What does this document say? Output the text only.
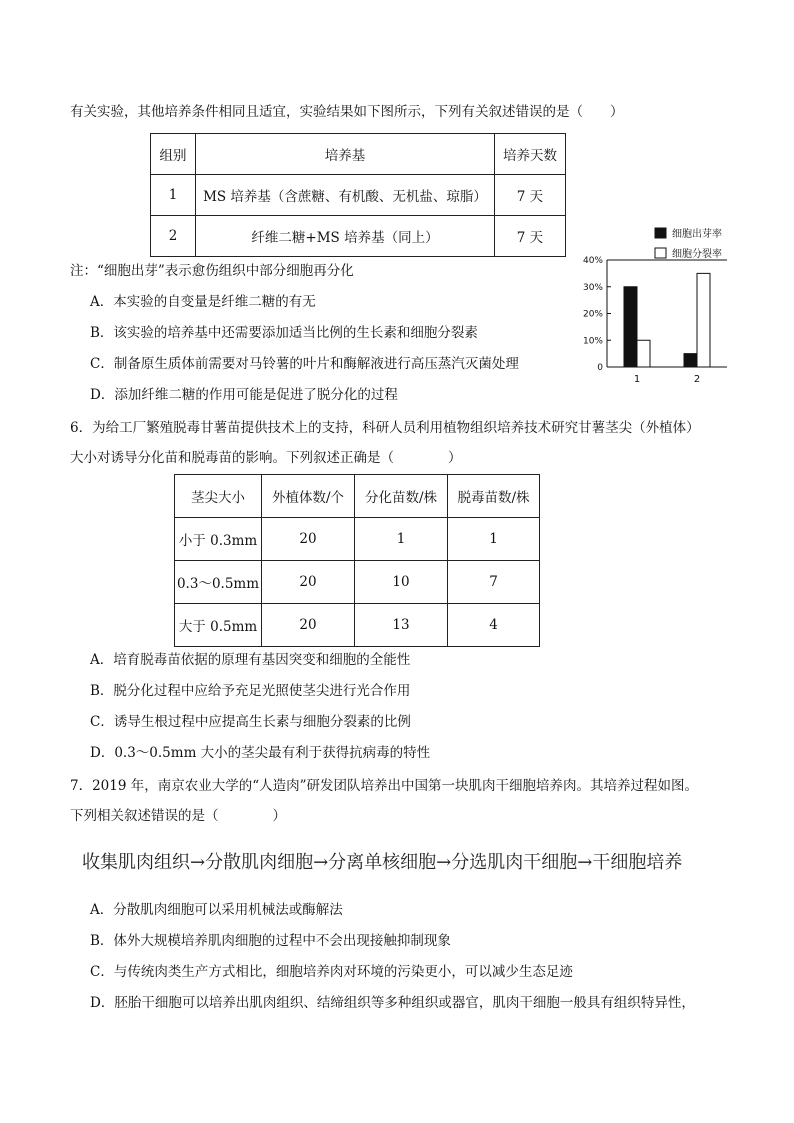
有关实验，其他培养条件相同且适宜，实验结果如下图所示，下列有关叙述错误的是（　　）
组别	培养基	培养天数
1	MS 培养基（含蔗糖、有机酸、无机盐、琼脂）	7 天
2	纤维二糖+MS 培养基（同上）	7 天
注：“细胞出芽”表示愈伤组织中部分细胞再分化
A．本实验的自变量是纤维二糖的有无
B．该实验的培养基中还需要添加适当比例的生长素和细胞分裂素
C．制备原生质体前需要对马铃薯的叶片和酶解液进行高压蒸汽灭菌处理
D．添加纤维二糖的作用可能是促进了脱分化的过程
细胞出芽率
细胞分裂率
0
10%
20%
30%
40%
1	2
6．为给工厂繁殖脱毒甘薯苗提供技术上的支持，科研人员利用植物组织培养技术研究甘薯茎尖（外植体）
大小对诱导分化苗和脱毒苗的影响。下列叙述正确是（　　　　）
茎尖大小	外植体数/个	分化苗数/株	脱毒苗数/株
小于 0.3mm	20	1	1
0.3～0.5mm	20	10	7
大于 0.5mm	20	13	4
A．培育脱毒苗依据的原理有基因突变和细胞的全能性
B．脱分化过程中应给予充足光照使茎尖进行光合作用
C．诱导生根过程中应提高生长素与细胞分裂素的比例
D．0.3～0.5mm 大小的茎尖最有利于获得抗病毒的特性
7．2019 年，南京农业大学的“人造肉”研发团队培养出中国第一块肌肉干细胞培养肉。其培养过程如图。
下列相关叙述错误的是（　　　　）
收集肌肉组织→分散肌肉细胞→分离单核细胞→分选肌肉干细胞→干细胞培养
A．分散肌肉细胞可以采用机械法或酶解法
B．体外大规模培养肌肉细胞的过程中不会出现接触抑制现象
C．与传统肉类生产方式相比，细胞培养肉对环境的污染更小，可以减少生态足迹
D．胚胎干细胞可以培养出肌肉组织、结缔组织等多种组织或器官，肌肉干细胞一般具有组织特异性，
